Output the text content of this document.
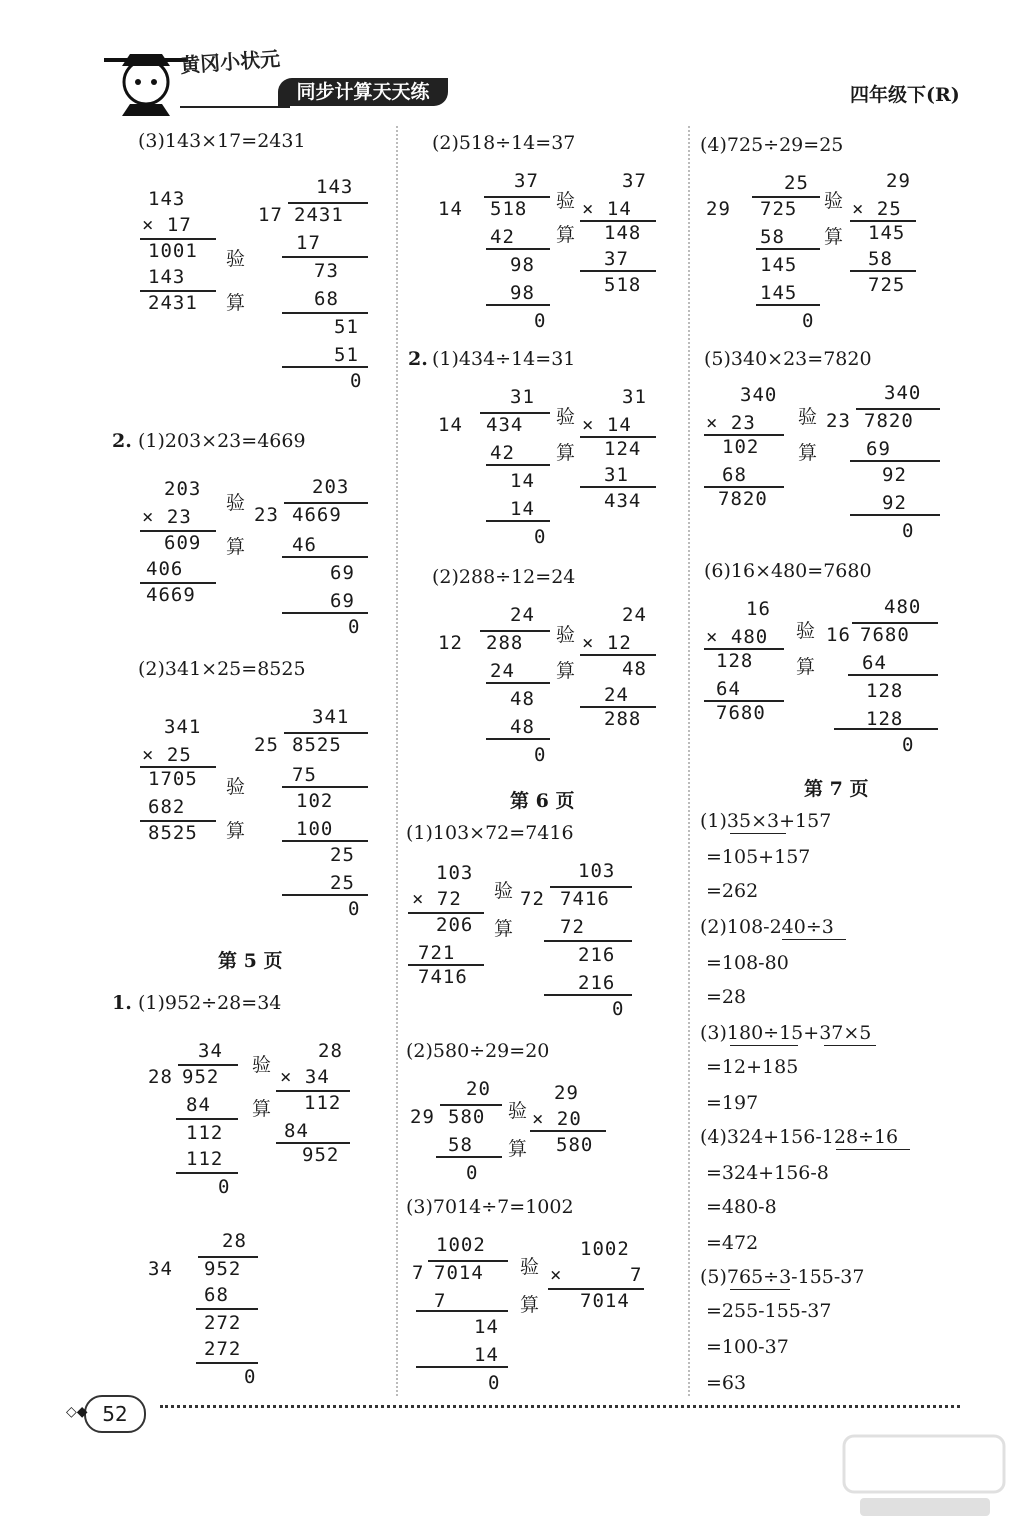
黄冈小状元
同步计算天天练	四年级下(R)
(3)143×17=2431
143
× 17
1001
143
2431
验
算
143
17 2431
17
73
68
51
51
0
2. (1)203×23=4669
203
× 23
609
406
4669
验
算
203
23 4669
46
69
69
0
(2)341×25=8525
341
× 25
1705
682
8525
验
算
341
25 8525
75
102
100
25
25
0
第 5 页
1. (1)952÷28=34
34
28 952
84
112
112
0
验
算
28
× 34
112
84
952
28
34 952
68
272
272
0
(2)518÷14=37
37
14 518
42
98
98
0
验
算
37
× 14
148
37
518
2. (1)434÷14=31
31
14 434
42
14
14
0
验
算
31
× 14
124
31
434
(2)288÷12=24
24
12 288
24
48
48
0
验
算
24
× 12
48
24
288
第 6 页
(1)103×72=7416
103
× 72
206
721
7416
验
算
103
72 7416
72
216
216
0
(2)580÷29=20
20
29 580
58
0
验
算
29
× 20
580
(3)7014÷7=1002
1002
7 7014
7
14
14
0
验
算
1002
×	7
7014
(4)725÷29=25
25
29 725
58
145
145
0
验
算
29
× 25
145
58
725
(5)340×23=7820
340
× 23
102
68
7820
验
算
340
23 7820
69
92
92
0
(6)16×480=7680
16
× 480
128
64
7680
验
算
480
16 7680
64
128
128
0
第 7 页
(1)35×3+157
=105+157
=262
(2)108-240÷3
=108-80
=28
(3)180÷15+37×5
=12+185
=197
(4)324+156-128÷16
=324+156-8
=480-8
=472
(5)765÷3-155-37
=255-155-37
=100-37
=63
52
◇◆
